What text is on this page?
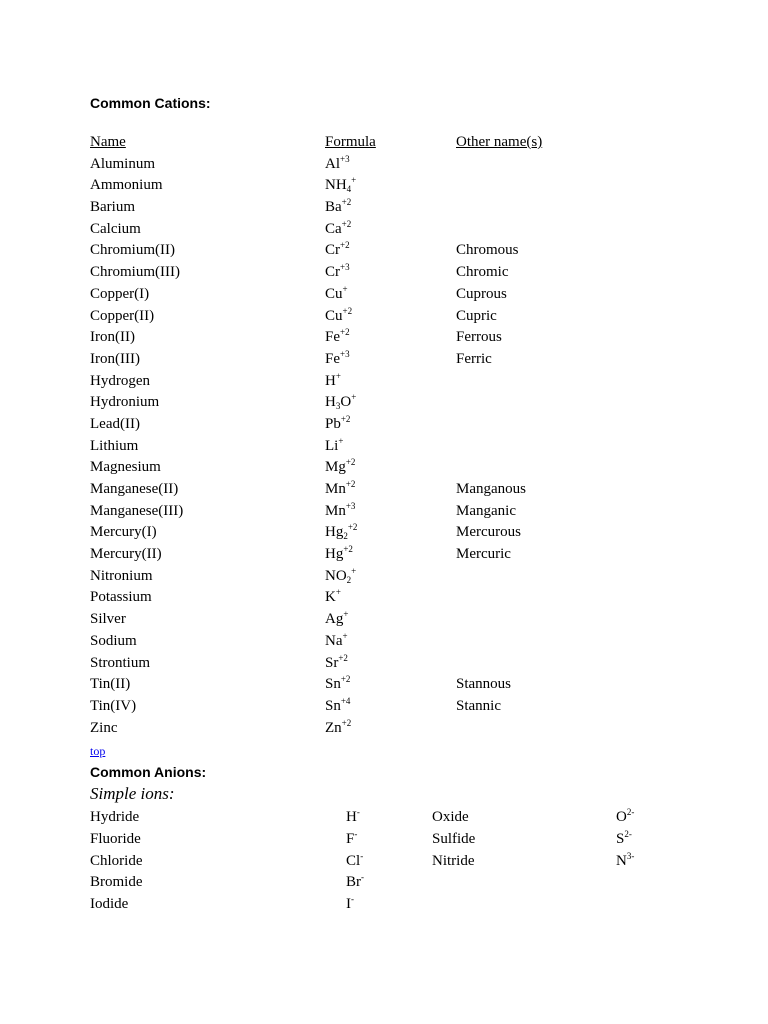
Common Cations:
Name	Formula	Other name(s)
Aluminum	$Al^{+3}$
Ammonium	$NH_4^+$
Barium	$Ba^{+2}$
Calcium	$Ca^{+2}$
Chromium(II)	$Cr^{+2}$	Chromous
Chromium(III)	$Cr^{+3}$	Chromic
Copper(I)	Cu+	Cuprous
Copper(II)	$Cu^{+2}$	Cupric
Iron(II)	$Fe^{+2}$	Ferrous
Iron(III)	$Fe^{+3}$	Ferric
Hydrogen	H+
Hydronium	$H_3O^+$
Lead(II)	$Pb^{+2}$
Lithium	Li+
Magnesium	$Mg^{+2}$
Manganese(II)	$Mn^{+2}$	Manganous
Manganese(III)	$Mn^{+3}$	Manganic
Mercury(I)	$Hg_2^{+2}$	Mercurous
Mercury(II)	$Hg^{+2}$	Mercuric
Nitronium	$NO_2^+$
Potassium	K+
Silver	Ag+
Sodium	Na+
Strontium	$Sr^{+2}$
Tin(II)	$Sn^{+2}$	Stannous
Tin(IV)	$Sn^{+4}$	Stannic
Zinc	$Zn^{+2}$
top
Common Anions:
Simple ions:
Hydride	H-	Oxide	$O^{2-}$
Fluoride	F-	Sulfide	$S^{2-}$
Chloride	Cl-	Nitride	$N^{3-}$
Bromide	Br-
Iodide	I-
